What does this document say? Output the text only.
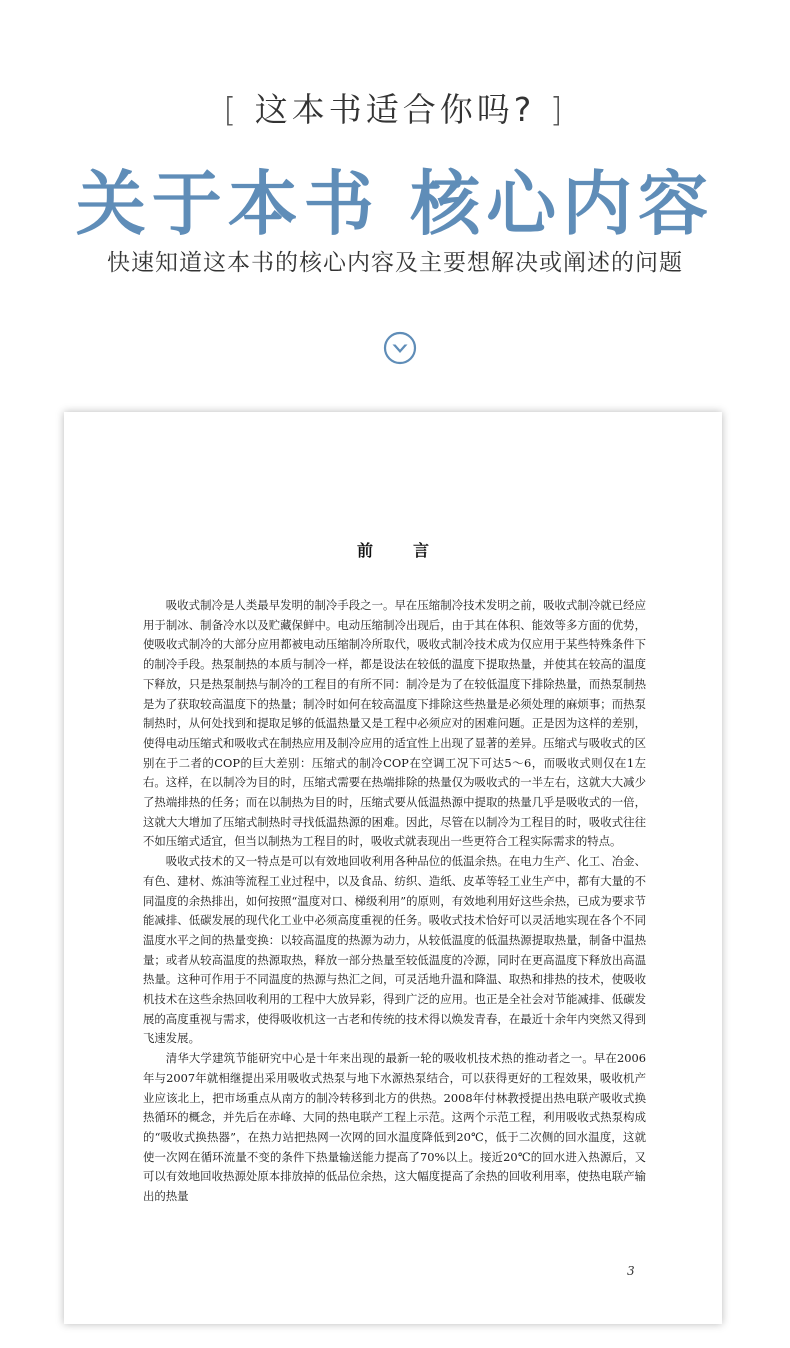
[ 这本书适合你吗? ]
关于本书 核心内容
快速知道这本书的核心内容及主要想解决或阐述的问题
前言

吸收式制冷是人类最早发明的制冷手段之一。早在压缩制冷技术发明之前，吸收式制冷就已经应用于制冰、制备冷水以及贮藏保鲜中。电动压缩制冷出现后，由于其在体积、能效等多方面的优势，使吸收式制冷的大部分应用都被电动压缩制冷所取代，吸收式制冷技术成为仅应用于某些特殊条件下的制冷手段。热泵制热的本质与制冷一样，都是设法在较低的温度下提取热量，并使其在较高的温度下释放，只是热泵制热与制冷的工程目的有所不同：制冷是为了在较低温度下排除热量，而热泵制热是为了获取较高温度下的热量；制冷时如何在较高温度下排除这些热量是必须处理的麻烦事；而热泵制热时，从何处找到和提取足够的低温热量又是工程中必须应对的困难问题。正是因为这样的差别，使得电动压缩式和吸收式在制热应用及制冷应用的适宜性上出现了显著的差异。压缩式与吸收式的区别在于二者的COP的巨大差别：压缩式的制冷COP在空调工况下可达5～6，而吸收式则仅在1左右。这样，在以制冷为目的时，压缩式需要在热端排除的热量仅为吸收式的一半左右，这就大大减少了热端排热的任务；而在以制热为目的时，压缩式要从低温热源中提取的热量几乎是吸收式的一倍，这就大大增加了压缩式制热时寻找低温热源的困难。因此，尽管在以制冷为工程目的时，吸收式往往不如压缩式适宜，但当以制热为工程目的时，吸收式就表现出一些更符合工程实际需求的特点。

吸收式技术的又一特点是可以有效地回收利用各种品位的低温余热。在电力生产、化工、冶金、有色、建材、炼油等流程工业过程中，以及食品、纺织、造纸、皮革等轻工业生产中，都有大量的不同温度的余热排出，如何按照“温度对口、梯级利用”的原则，有效地利用好这些余热，已成为要求节能减排、低碳发展的现代化工业中必须高度重视的任务。吸收式技术恰好可以灵活地实现在各个不同温度水平之间的热量变换：以较高温度的热源为动力，从较低温度的低温热源提取热量，制备中温热量；或者从较高温度的热源取热，释放一部分热量至较低温度的冷源，同时在更高温度下释放出高温热量。这种可作用于不同温度的热源与热汇之间，可灵活地升温和降温、取热和排热的技术，使吸收机技术在这些余热回收利用的工程中大放异彩，得到广泛的应用。也正是全社会对节能减排、低碳发展的高度重视与需求，使得吸收机这一古老和传统的技术得以焕发青春，在最近十余年内突然又得到飞速发展。

清华大学建筑节能研究中心是十年来出现的最新一轮的吸收机技术热的推动者之一。早在2006年与2007年就相继提出采用吸收式热泵与地下水源热泵结合，可以获得更好的工程效果，吸收机产业应该北上，把市场重点从南方的制冷转移到北方的供热。2008年付林教授提出热电联产吸收式换热循环的概念，并先后在赤峰、大同的热电联产工程上示范。这两个示范工程，利用吸收式热泵构成的“吸收式换热器”，在热力站把热网一次网的回水温度降低到20℃，低于二次侧的回水温度，这就使一次网在循环流量不变的条件下热量输送能力提高了70%以上。接近20℃的回水进入热源后，又可以有效地回收热源处原本排放掉的低品位余热，这大幅度提高了余热的回收利用率，使热电联产输出的热量

3
